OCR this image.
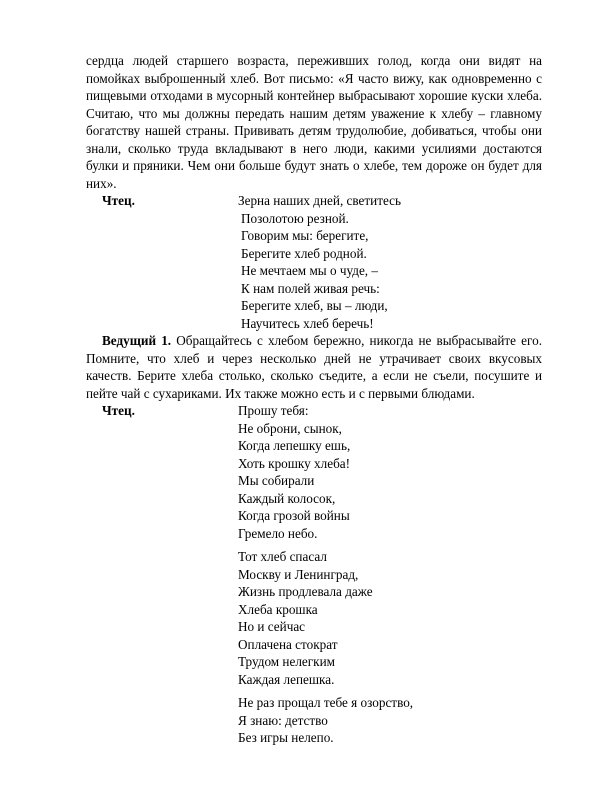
сердца людей старшего возраста, переживших голод, когда они видят на помойках выброшенный хлеб. Вот письмо: «Я часто вижу, как одновременно с пищевыми отходами в мусорный контейнер выбрасывают хорошие куски хлеба. Считаю, что мы должны передать нашим детям уважение к хлебу – главному богатству нашей страны. Прививать детям трудолюбие, добиваться, чтобы они знали, сколько труда вкладывают в него люди, какими усилиями достаются булки и пряники. Чем они больше будут знать о хлебе, тем дороже он будет для них».

Чтец.	Зерна наших дней, светитесь
Позолотою резной.
Говорим мы: берегите,
Берегите хлеб родной.
Не мечтаем мы о чуде, –
К нам полей живая речь:
Берегите хлеб, вы – люди,
Научитесь хлеб беречь!

Ведущий 1. Обращайтесь с хлебом бережно, никогда не выбрасывайте его. Помните, что хлеб и через несколько дней не утрачивает своих вкусовых качеств. Берите хлеба столько, сколько съедите, а если не съели, посушите и пейте чай с сухариками. Их также можно есть и с первыми блюдами.

Чтец.	Прошу тебя:
Не оброни, сынок,
Когда лепешку ешь,
Хоть крошку хлеба!
Мы собирали
Каждый колосок,
Когда грозой войны
Гремело небо.
Тот хлеб спасал
Москву и Ленинград,
Жизнь продлевала даже
Хлеба крошка
Но и сейчас
Оплачена стократ
Трудом нелегким
Каждая лепешка.
Не раз прощал тебе я озорство,
Я знаю: детство
Без игры нелепо.
